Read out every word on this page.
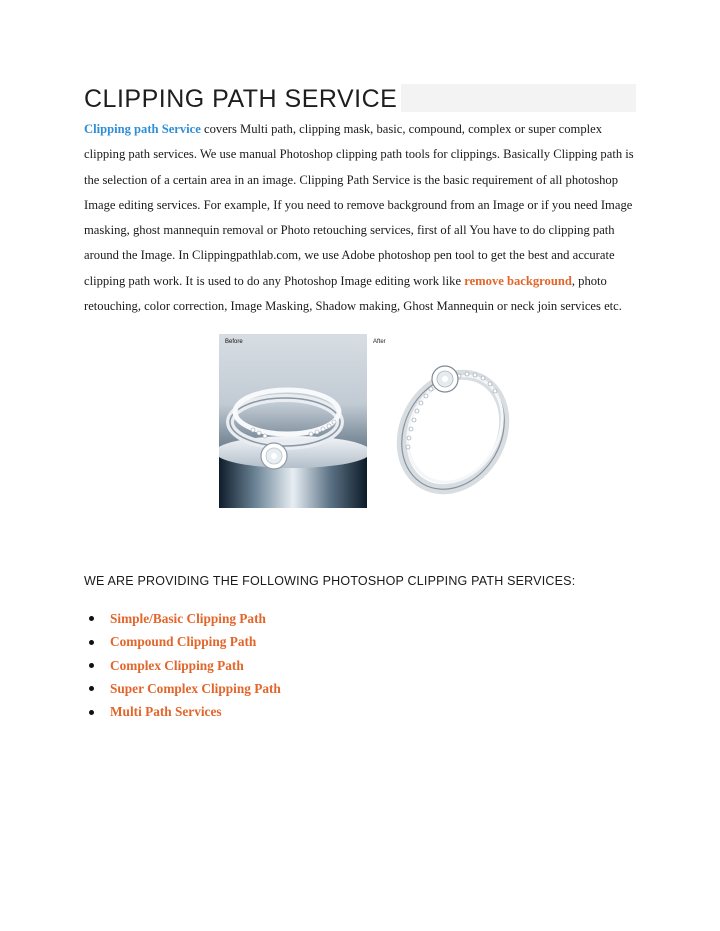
CLIPPING PATH SERVICE
Clipping path Service covers Multi path, clipping mask, basic, compound, complex or super complex clipping path services. We use manual Photoshop clipping path tools for clippings. Basically Clipping path is the selection of a certain area in an image. Clipping Path Service is the basic requirement of all photoshop Image editing services. For example, If you need to remove background from an Image or if you need Image masking, ghost mannequin removal or Photo retouching services, first of all You have to do clipping path around the Image. In Clippingpathlab.com, we use Adobe photoshop pen tool to get the best and accurate clipping path work. It is used to do any Photoshop Image editing work like remove background, photo retouching, color correction, Image Masking, Shadow making, Ghost Mannequin or neck join services etc.
Before	After
WE ARE PROVIDING THE FOLLOWING PHOTOSHOP CLIPPING PATH SERVICES:
Simple/Basic Clipping Path
Compound Clipping Path
Complex Clipping Path
Super Complex Clipping Path
Multi Path Services
